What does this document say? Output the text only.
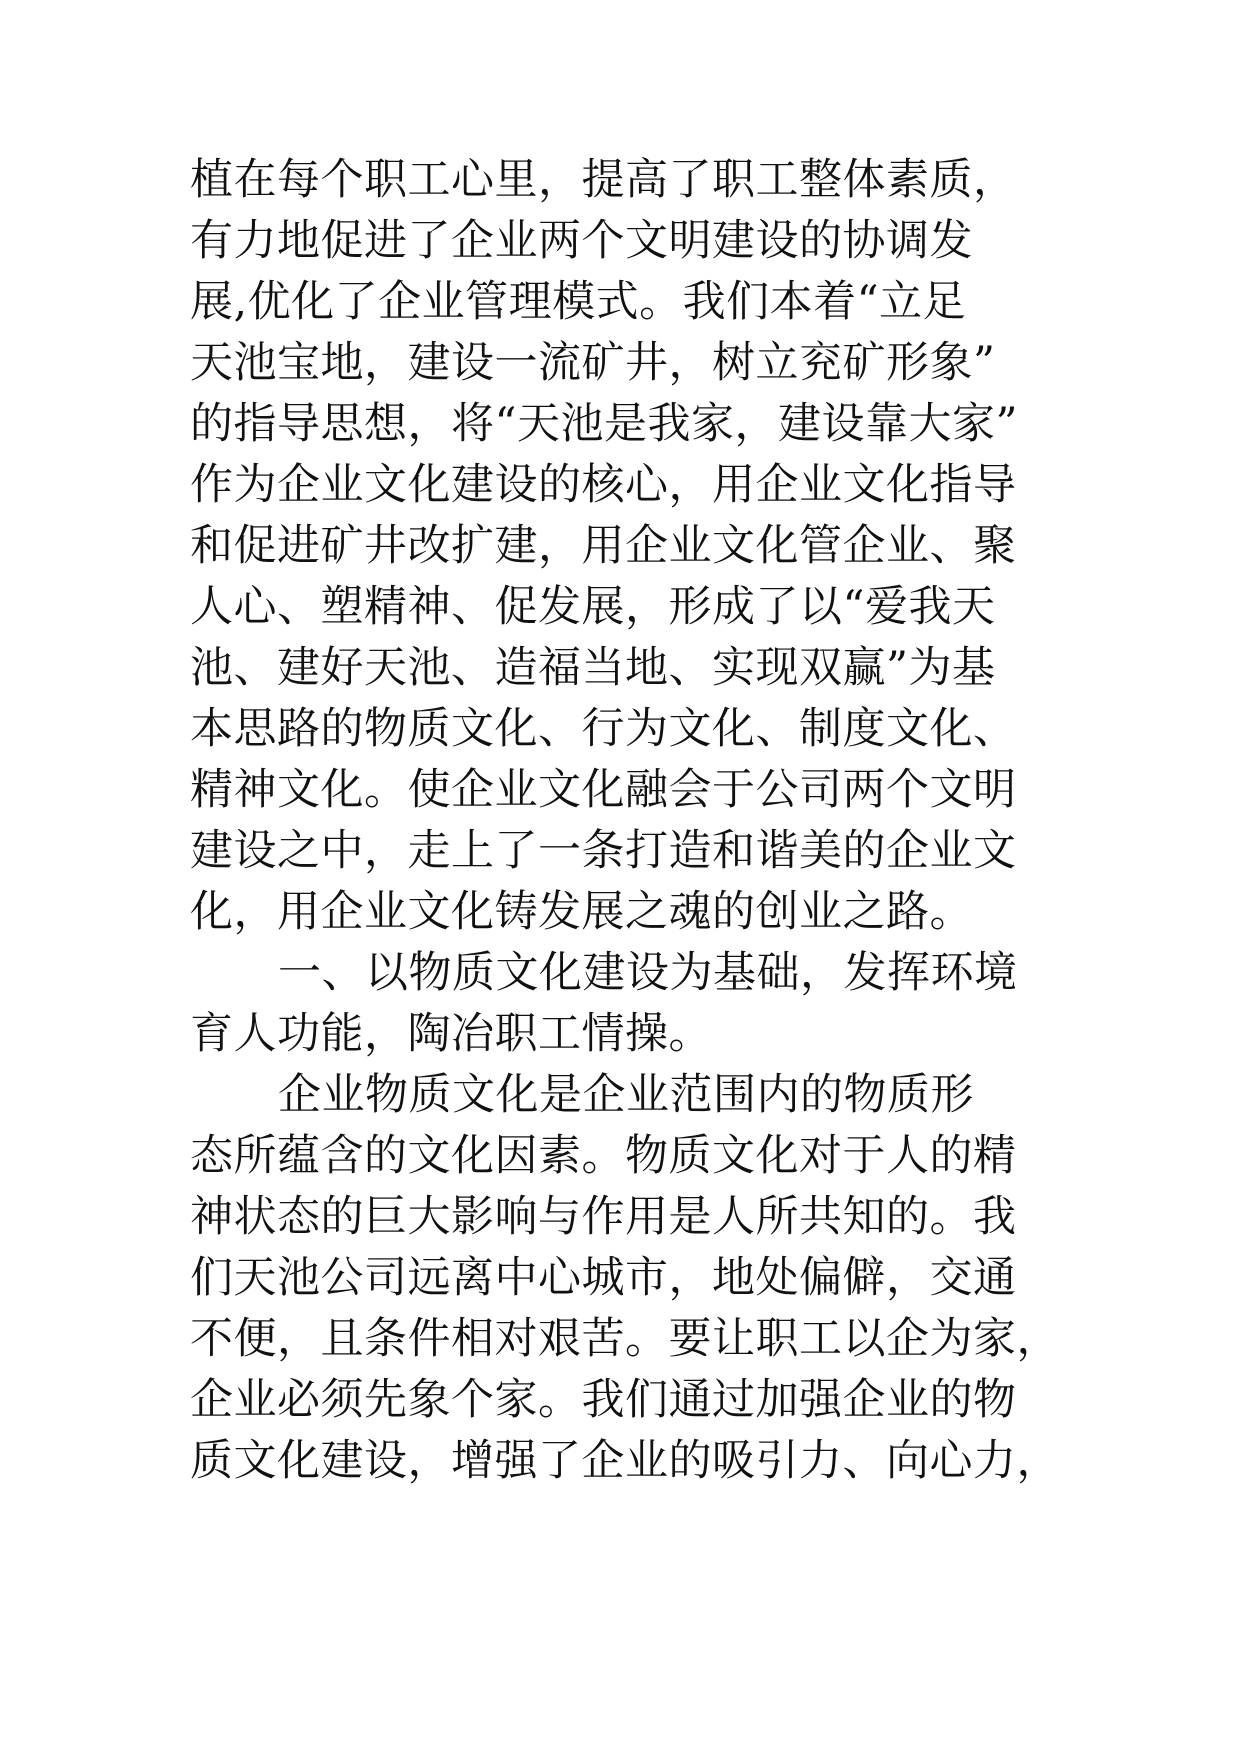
植在每个职工心里，提高了职工整体素质，
有力地促进了企业两个文明建设的协调发
展,优化了企业管理模式。我们本着“立足
天池宝地，建设一流矿井，树立兖矿形象”
的指导思想，将“天池是我家，建设靠大家”
作为企业文化建设的核心，用企业文化指导
和促进矿井改扩建，用企业文化管企业、聚
人心、塑精神、促发展，形成了以“爱我天
池、建好天池、造福当地、实现双赢”为基
本思路的物质文化、行为文化、制度文化、
精神文化。使企业文化融会于公司两个文明
建设之中，走上了一条打造和谐美的企业文
化，用企业文化铸发展之魂的创业之路。
一、以物质文化建设为基础，发挥环境
育人功能，陶冶职工情操。
企业物质文化是企业范围内的物质形
态所蕴含的文化因素。物质文化对于人的精
神状态的巨大影响与作用是人所共知的。我
们天池公司远离中心城市，地处偏僻，交通
不便，且条件相对艰苦。要让职工以企为家，
企业必须先象个家。我们通过加强企业的物
质文化建设，增强了企业的吸引力、向心力，
